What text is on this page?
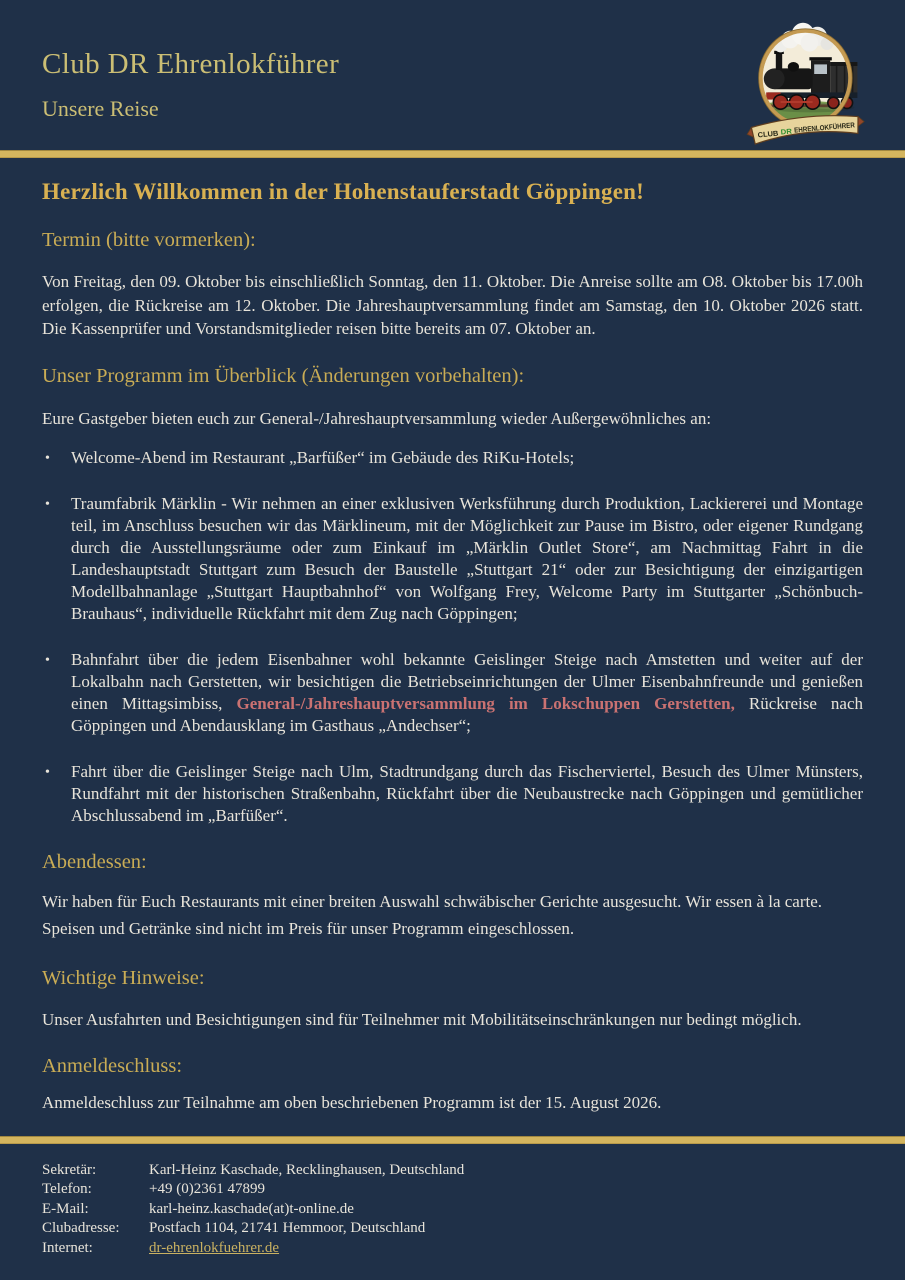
Club DR Ehrenlokführer
Unsere Reise
CLUB DR EHRENLOKFÜHRER
Herzlich Willkommen in der Hohenstauferstadt Göppingen!
Termin (bitte vormerken):

Von Freitag, den 09. Oktober bis einschließlich Sonntag, den 11. Oktober. Die Anreise sollte am O8. Oktober bis 17.00h erfolgen, die Rückreise am 12. Oktober. Die Jahreshauptversammlung findet am Samstag, den 10. Oktober 2026 statt. Die Kassenprüfer und Vorstandsmitglieder reisen bitte bereits am 07. Oktober an.

Unser Programm im Überblick (Änderungen vorbehalten):

Eure Gastgeber bieten euch zur General-/Jahreshauptversammlung wieder Außergewöhnliches an:

• Welcome-Abend im Restaurant „Barfüßer“ im Gebäude des RiKu-Hotels;
• Traumfabrik Märklin - Wir nehmen an einer exklusiven Werksführung durch Produktion, Lackiererei und Montage teil, im Anschluss besuchen wir das Märklineum, mit der Möglichkeit zur Pause im Bistro, oder eigener Rundgang durch die Ausstellungsräume oder zum Einkauf im „Märklin Outlet Store“, am Nachmittag Fahrt in die Landeshauptstadt Stuttgart zum Besuch der Baustelle „Stuttgart 21“ oder zur Besichtigung der einzigartigen Modellbahnanlage „Stuttgart Hauptbahnhof“ von Wolfgang Frey, Welcome Party im Stuttgarter „Schönbuch-Brauhaus“, individuelle Rückfahrt mit dem Zug nach Göppingen;
• Bahnfahrt über die jedem Eisenbahner wohl bekannte Geislinger Steige nach Amstetten und weiter auf der Lokalbahn nach Gerstetten, wir besichtigen die Betriebseinrichtungen der Ulmer Eisenbahnfreunde und genießen einen Mittagsimbiss, General-/Jahreshauptversammlung im Lokschuppen Gerstetten, Rückreise nach Göppingen und Abendausklang im Gasthaus „Andechser“;
• Fahrt über die Geislinger Steige nach Ulm, Stadtrundgang durch das Fischerviertel, Besuch des Ulmer Münsters, Rundfahrt mit der historischen Straßenbahn, Rückfahrt über die Neubaustrecke nach Göppingen und gemütlicher Abschlussabend im „Barfüßer“.
Abendessen:

Wir haben für Euch Restaurants mit einer breiten Auswahl schwäbischer Gerichte ausgesucht. Wir essen à la carte. Speisen und Getränke sind nicht im Preis für unser Programm eingeschlossen.

Wichtige Hinweise:

Unser Ausfahrten und Besichtigungen sind für Teilnehmer mit Mobilitätseinschränkungen nur bedingt möglich.

Anmeldeschluss:

Anmeldeschluss zur Teilnahme am oben beschriebenen Programm ist der 15. August 2026.

Sekretär:	Karl-Heinz Kaschade, Recklinghausen, Deutschland
Telefon:	+49 (0)2361 47899
E-Mail:	karl-heinz.kaschade(at)t-online.de
Clubadresse:	Postfach 1104, 21741 Hemmoor, Deutschland
Internet:	dr-ehrenlokfuehrer.de
